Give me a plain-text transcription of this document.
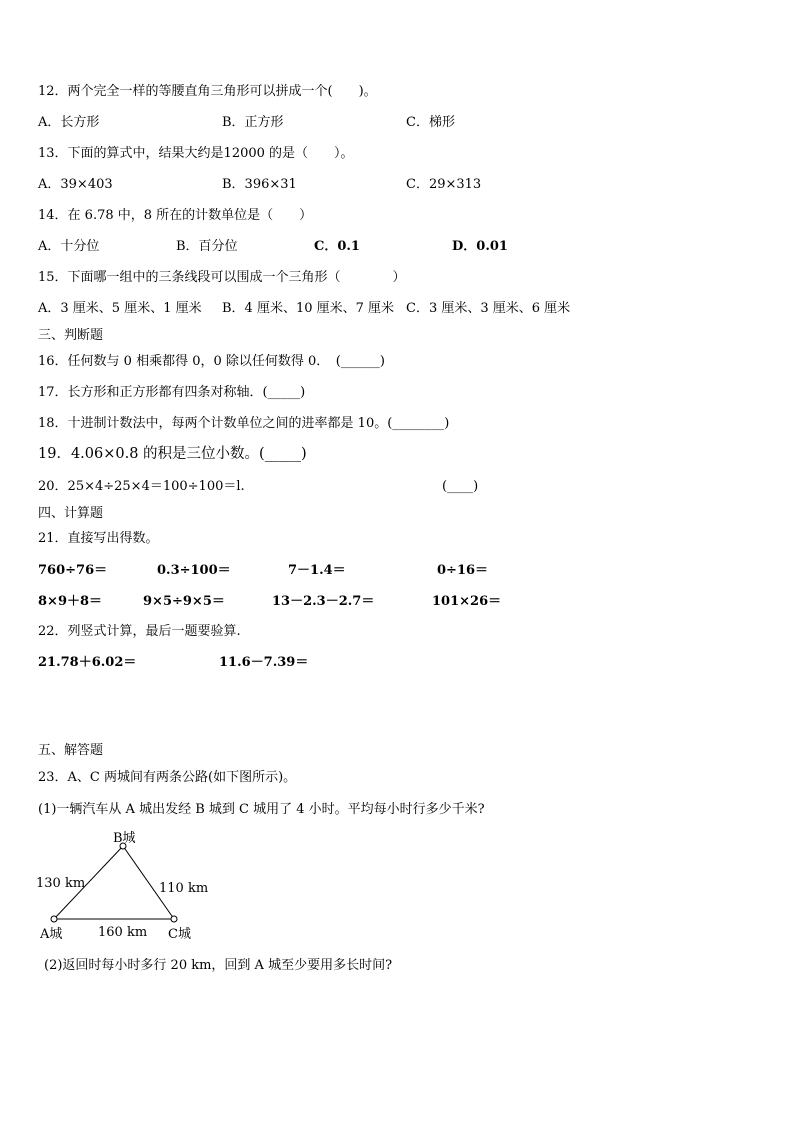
12．两个完全一样的等腰直角三角形可以拼成一个(　　)。
A．长方形	B．正方形	C．梯形
13．下面的算式中，结果大约是12000 的是（　　）。
A．39×403	B．396×31	C．29×313
14．在 6.78 中，8 所在的计数单位是（　　）
A．十分位	B．百分位	C．0.1	D．0.01
15．下面哪一组中的三条线段可以围成一个三角形（　　　　）
A．3 厘米、5 厘米、1 厘米 B．4 厘米、10 厘米、7 厘米 C．3 厘米、3 厘米、6 厘米
三、判断题
16．任何数与 0 相乘都得 0，0 除以任何数得 0．　(______)
17．长方形和正方形都有四条对称轴．(_____)
18．十进制计数法中，每两个计数单位之间的进率都是 10。(________)
19．4.06×0.8 的积是三位小数。(_____)
20．25×4÷25×4＝100÷100＝l.	(____)
四、计算题
21．直接写出得数。
760÷76＝	0.3÷100＝	7－1.4＝	0÷16＝
8×9＋8＝	9×5÷9×5＝	13－2.3－2.7＝	101×26＝
22．列竖式计算，最后一题要验算.
21.78＋6.02＝	11.6－7.39＝
五、解答题
23．A、C 两城间有两条公路(如下图所示)。
(1)一辆汽车从 A 城出发经 B 城到 C 城用了 4 小时。平均每小时行多少千米?
B城
A城	C城
130 km	110 km
160 km
(2)返回时每小时多行 20 km，回到 A 城至少要用多长时间?
